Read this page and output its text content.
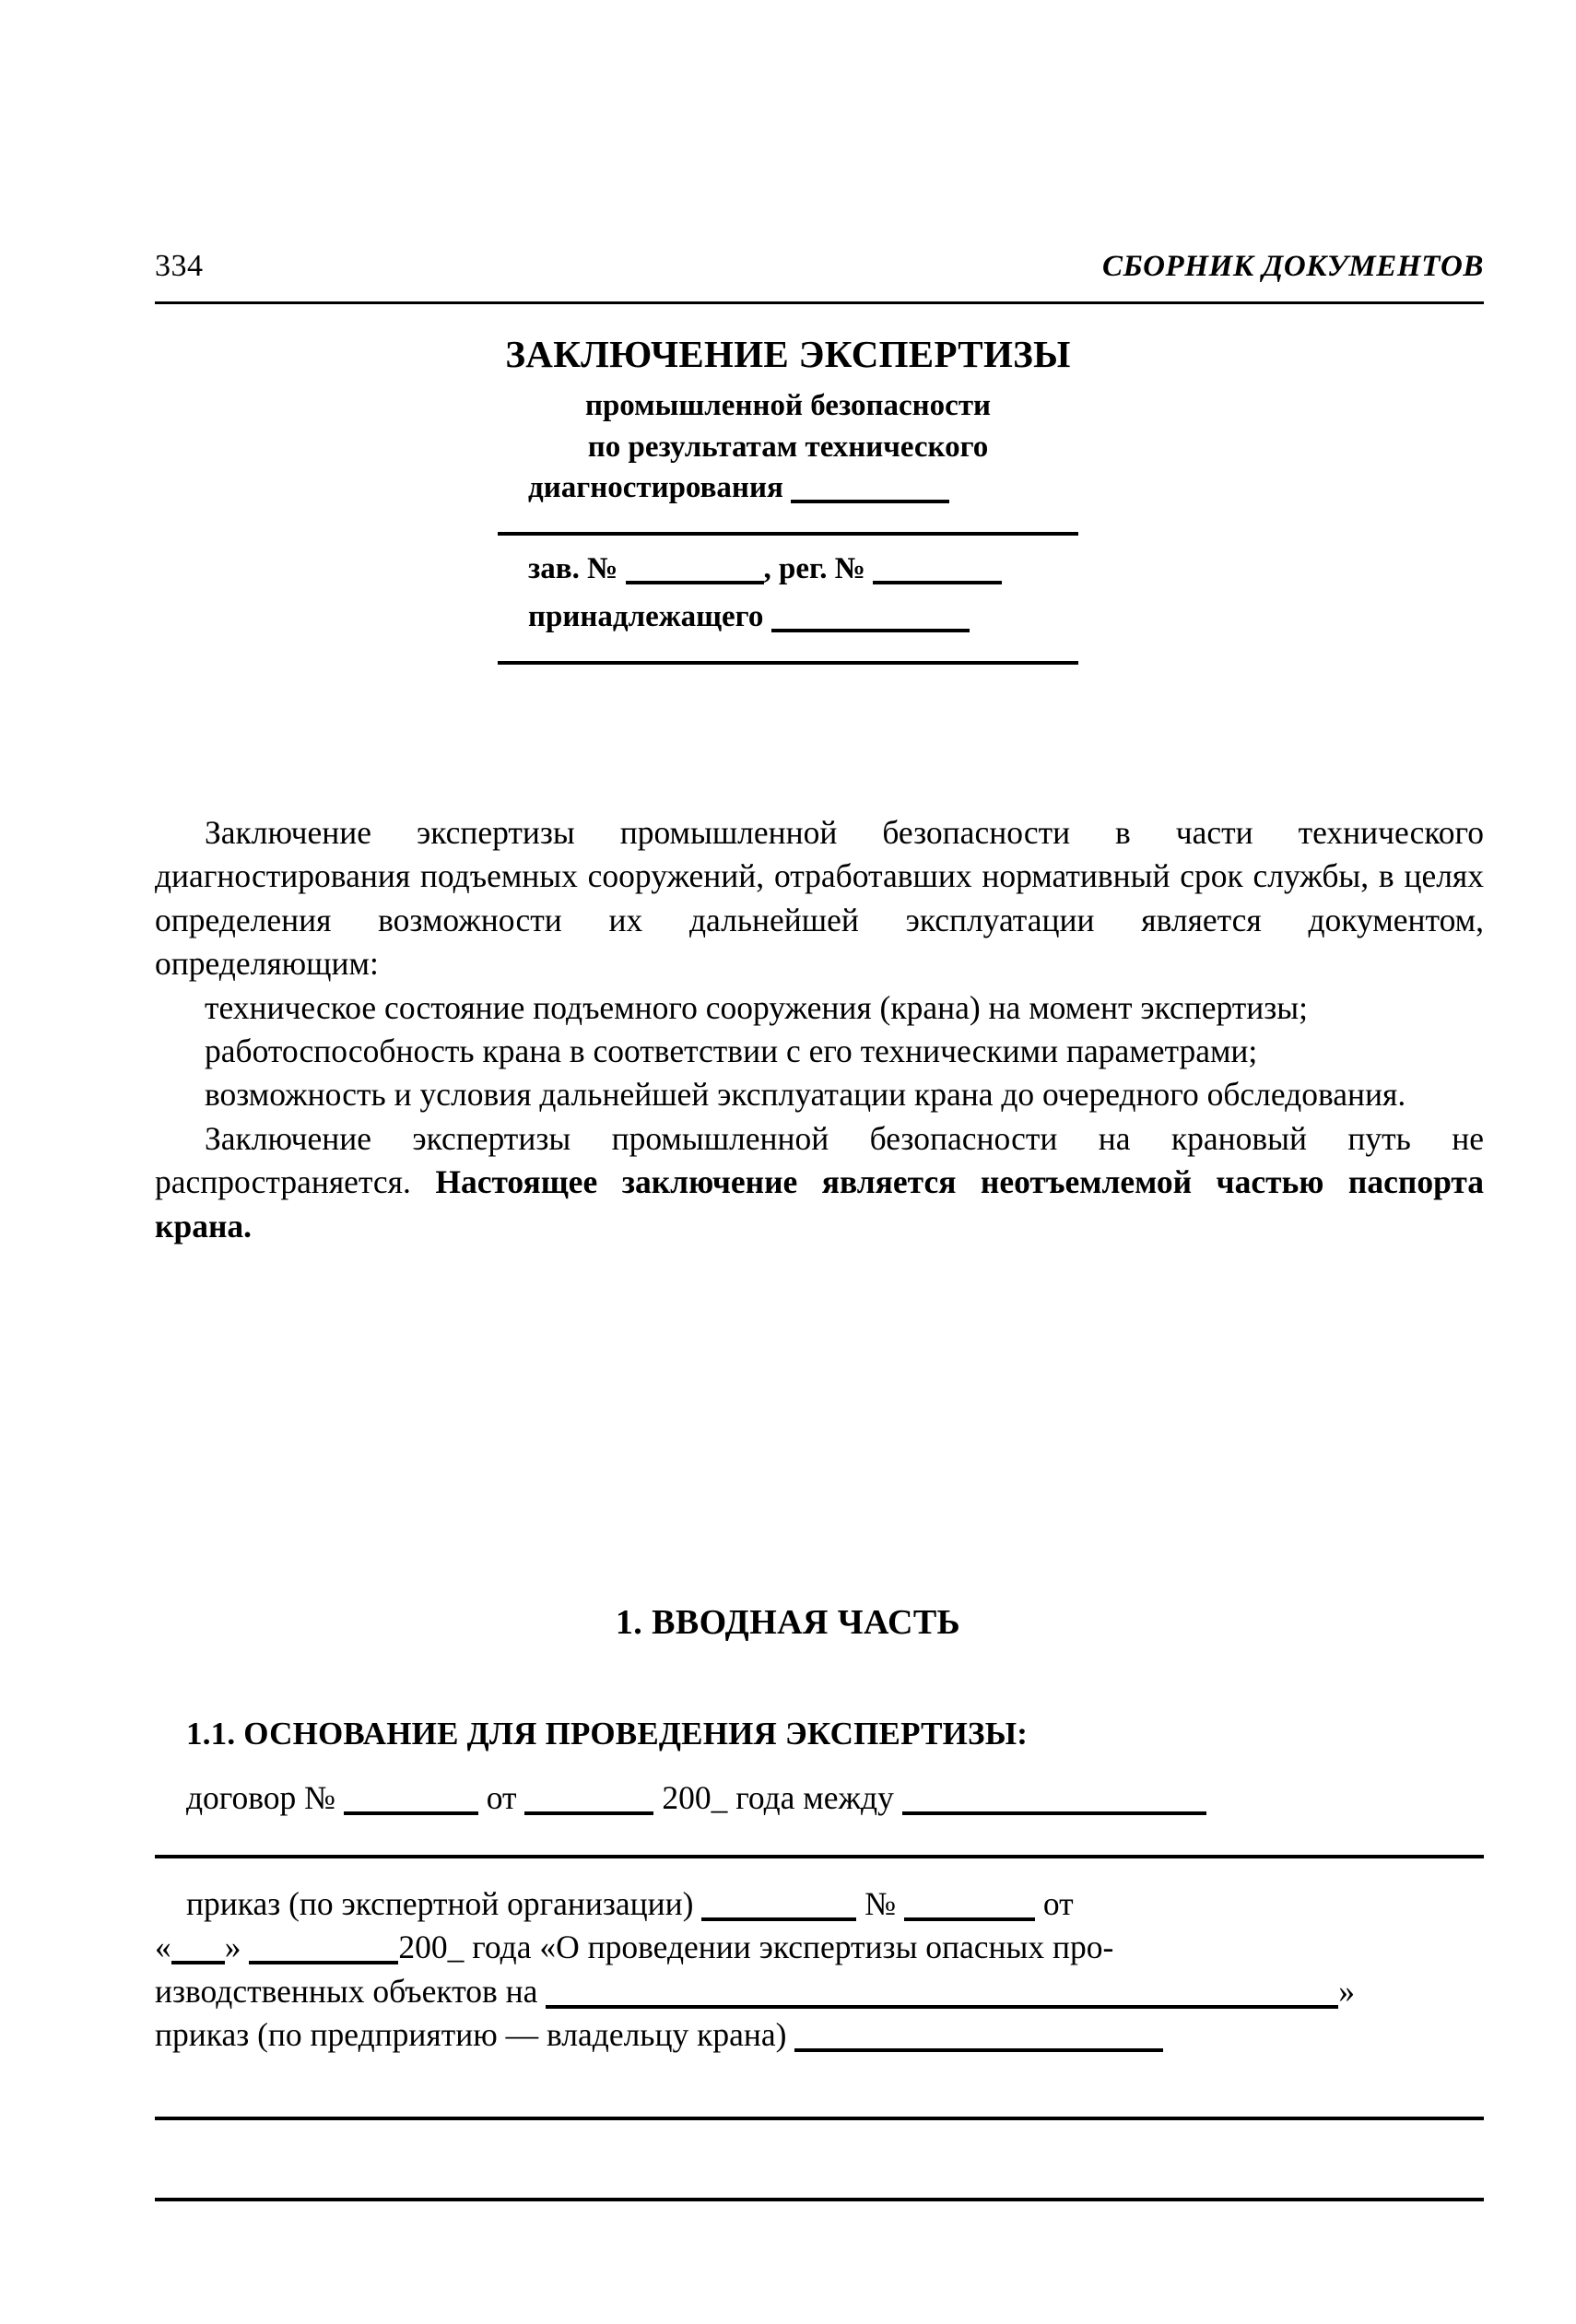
334	СБОРНИК ДОКУМЕНТОВ
ЗАКЛЮЧЕНИЕ ЭКСПЕРТИЗЫ
промышленной безопасности
по результатам технического
диагностирования
зав. №	, рег. №
принадлежащего

Заключение экспертизы промышленной безопасности в части технического диагностирования подъемных сооружений, отработавших нормативный срок службы, в целях определения возможности их дальнейшей эксплуатации является документом, определяющим:

техническое состояние подъемного сооружения (крана) на момент экспертизы;

работоспособность крана в соответствии с его техническими параметрами;

возможность и условия дальнейшей эксплуатации крана до очередного обследования.

Заключение экспертизы промышленной безопасности на крановый путь не распространяется. Настоящее заключение является неотъемлемой частью паспорта крана.

1. ВВОДНАЯ ЧАСТЬ
1.1. ОСНОВАНИЕ ДЛЯ ПРОВЕДЕНИЯ ЭКСПЕРТИЗЫ:
договор №	от	200_ года между
приказ (по экспертной организации)	№	от
« »	200_ года «О проведении экспертизы опасных про-
изводственных объектов на	»
приказ (по предприятию — владельцу крана)
